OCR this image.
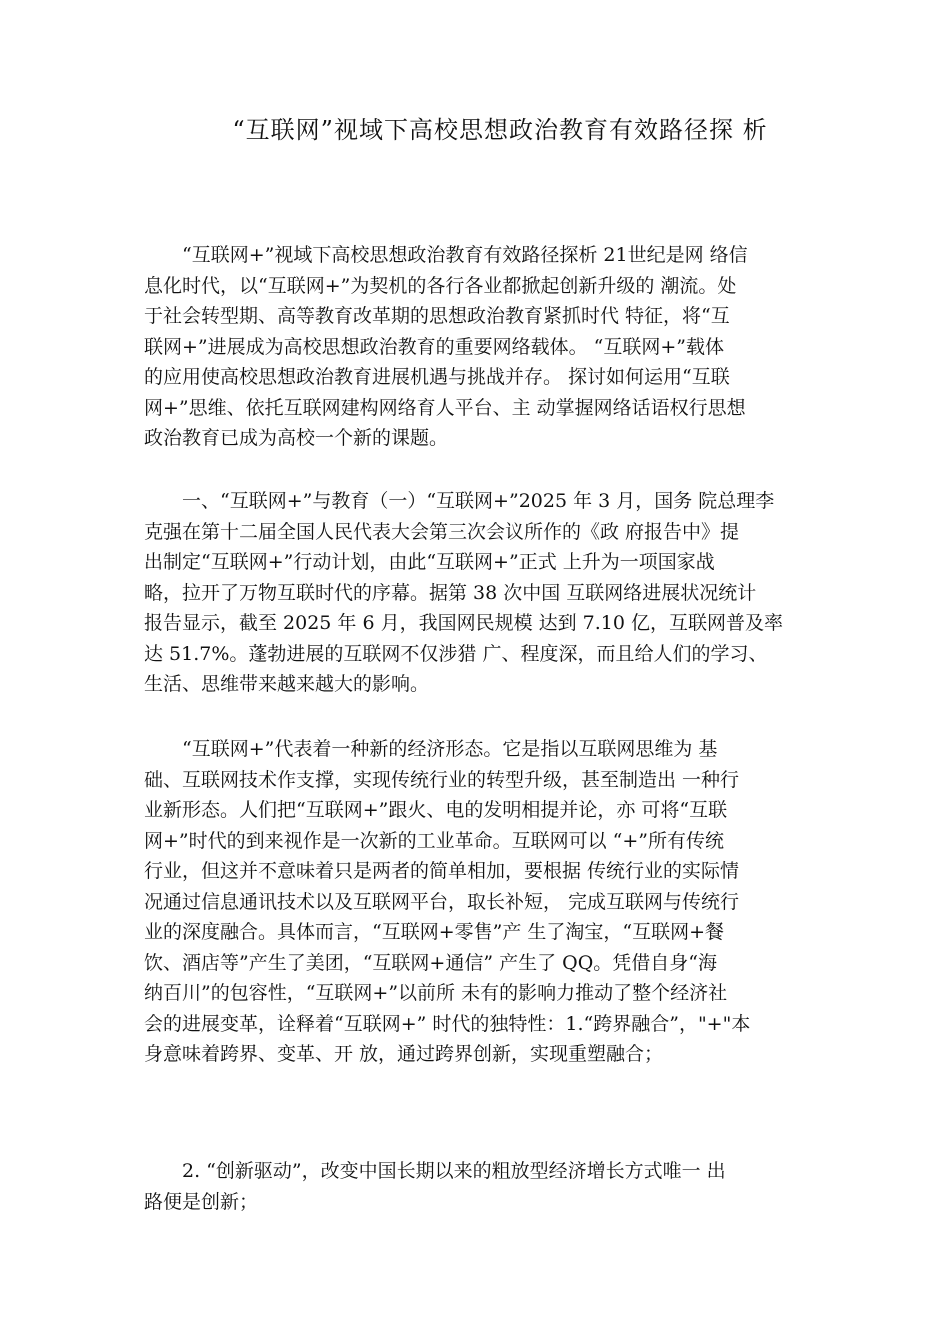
“互联网”视域下高校思想政治教育有效路径探 析
“互联网+”视域下高校思想政治教育有效路径探析 21世纪是网 络信
息化时代，以“互联网+”为契机的各行各业都掀起创新升级的 潮流。处
于社会转型期、高等教育改革期的思想政治教育紧抓时代 特征，将“互
联网+”进展成为高校思想政治教育的重要网络载体。 “互联网+”载体
的应用使高校思想政治教育进展机遇与挑战并存。 探讨如何运用“互联
网+”思维、依托互联网建构网络育人平台、主 动掌握网络话语权行思想
政治教育已成为高校一个新的课题。
一、“互联网+”与教育（一）“互联网+”2025 年 3 月，国务 院总理李
克强在第十二届全国人民代表大会第三次会议所作的《政 府报告中》提
出制定“互联网+”行动计划，由此“互联网+”正式 上升为一项国家战
略，拉开了万物互联时代的序幕。据第 38 次中国 互联网络进展状况统计
报告显示，截至 2025 年 6 月，我国网民规模 达到 7.10 亿，互联网普及率
达 51.7%。蓬勃进展的互联网不仅涉猎 广、程度深，而且给人们的学习、
生活、思维带来越来越大的影响。
“互联网+”代表着一种新的经济形态。它是指以互联网思维为 基
础、互联网技术作支撑，实现传统行业的转型升级，甚至制造出 一种行
业新形态。人们把“互联网+”跟火、电的发明相提并论，亦 可将“互联
网+”时代的到来视作是一次新的工业革命。互联网可以 “+”所有传统
行业，但这并不意味着只是两者的简单相加，要根据 传统行业的实际情
况通过信息通讯技术以及互联网平台，取长补短， 完成互联网与传统行
业的深度融合。具体而言，“互联网+零售”产 生了淘宝，“互联网+餐
饮、酒店等”产生了美团，“互联网+通信” 产生了 QQ。凭借自身“海
纳百川”的包容性，“互联网+”以前所 未有的影响力推动了整个经济社
会的进展变革，诠释着“互联网+” 时代的独特性：1.“跨界融合”，"+"本
身意味着跨界、变革、开 放，通过跨界创新，实现重塑融合；
2. “创新驱动”，改变中国长期以来的粗放型经济增长方式唯一 出
路便是创新；
